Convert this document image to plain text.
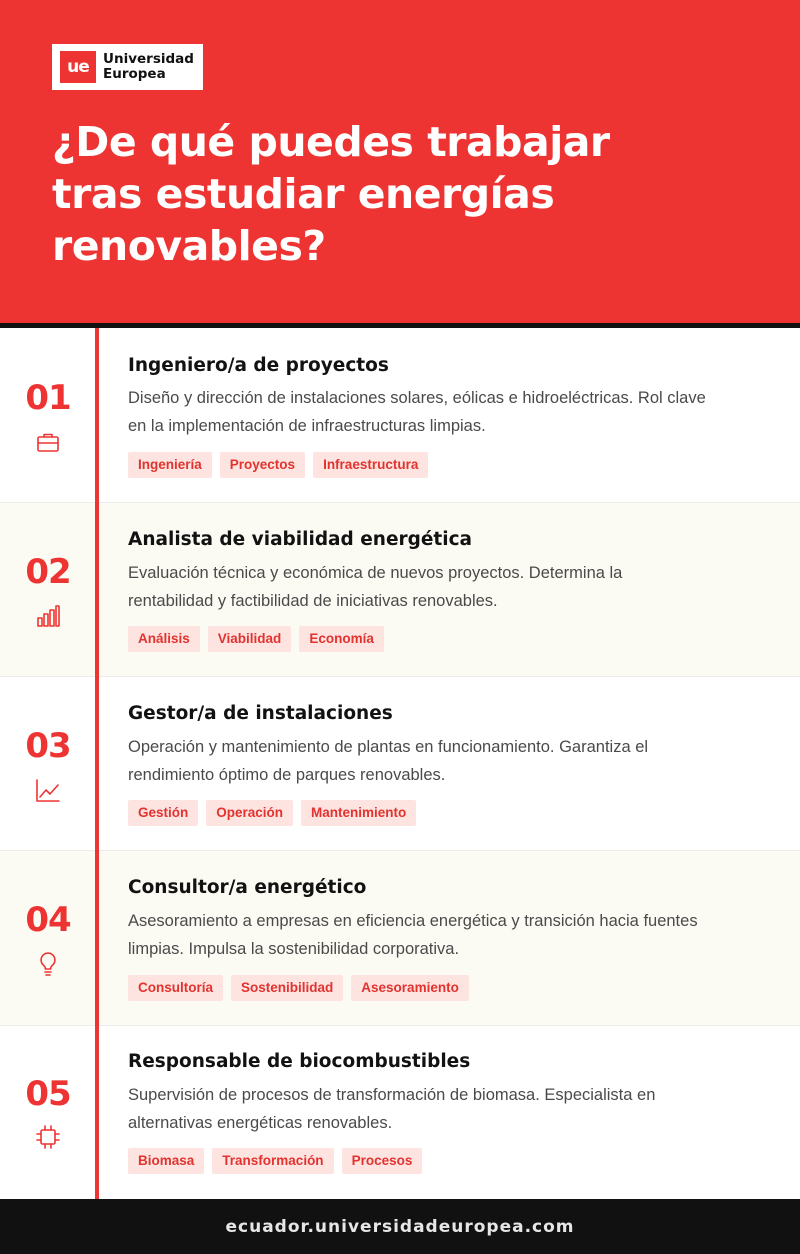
ue	Universidad
Europea
¿De qué puedes trabajar
tras estudiar energías
renovables?
01
Ingeniero/a de proyectos
Diseño y dirección de instalaciones solares, eólicas e hidroeléctricas. Rol clave
en la implementación de infraestructuras limpias.
Ingeniería	Proyectos	Infraestructura
02
Analista de viabilidad energética
Evaluación técnica y económica de nuevos proyectos. Determina la
rentabilidad y factibilidad de iniciativas renovables.
Análisis	Viabilidad	Economía
03
Gestor/a de instalaciones
Operación y mantenimiento de plantas en funcionamiento. Garantiza el
rendimiento óptimo de parques renovables.
Gestión	Operación	Mantenimiento
04
Consultor/a energético
Asesoramiento a empresas en eficiencia energética y transición hacia fuentes
limpias. Impulsa la sostenibilidad corporativa.
Consultoría	Sostenibilidad	Asesoramiento
05
Responsable de biocombustibles
Supervisión de procesos de transformación de biomasa. Especialista en
alternativas energéticas renovables.
Biomasa	Transformación	Procesos
ecuador.universidadeuropea.com
